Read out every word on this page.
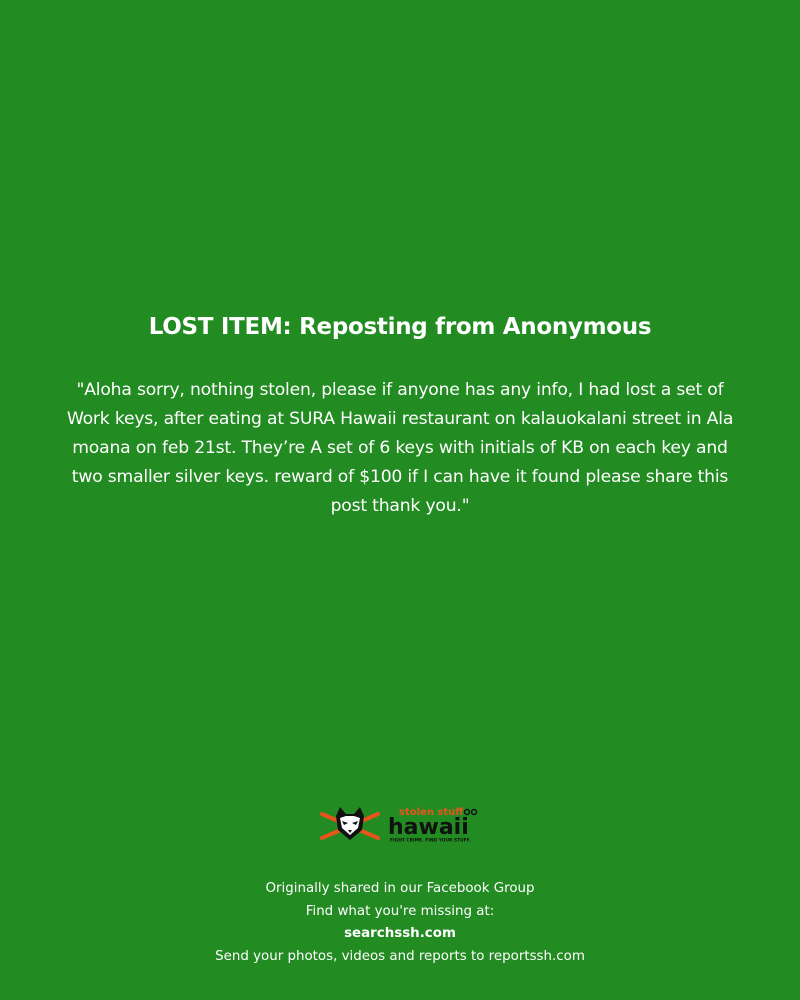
LOST ITEM: Reposting from Anonymous
"Aloha sorry, nothing stolen, please if anyone has any info, I had lost a set of Work keys, after eating at SURA Hawaii restaurant on kalauokalani street in Ala moana on feb 21st. They’re A set of 6 keys with initials of KB on each key and two smaller silver keys. reward of $100 if I can have it found please share this post thank you."
stolen stuff
hawaii
FIGHT CRIME. FIND YOUR STUFF.
Originally shared in our Facebook Group
Find what you're missing at:
searchssh.com
Send your photos, videos and reports to reportssh.com
